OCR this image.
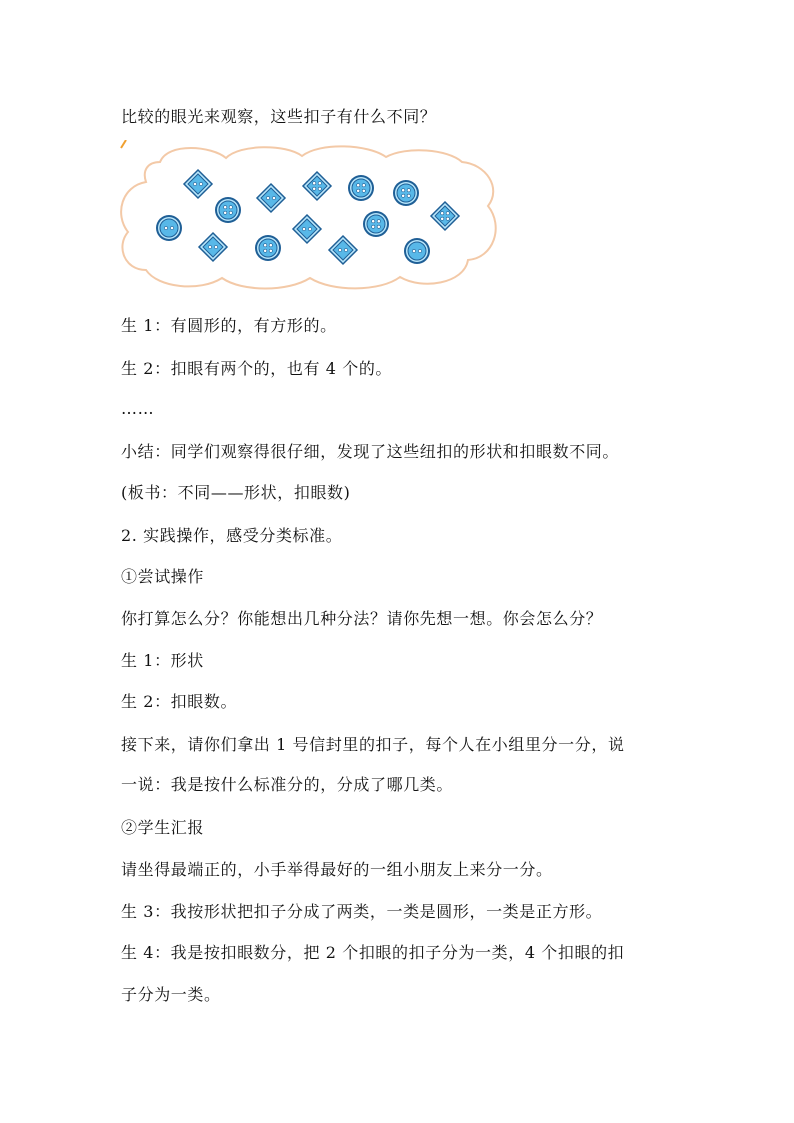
比较的眼光来观察，这些扣子有什么不同？
生 1：有圆形的，有方形的。
生 2：扣眼有两个的，也有 4 个的。
……
小结：同学们观察得很仔细，发现了这些纽扣的形状和扣眼数不同。
(板书：不同——形状，扣眼数)
2. 实践操作，感受分类标准。
①尝试操作
你打算怎么分？你能想出几种分法？请你先想一想。你会怎么分？
生 1：形状
生 2：扣眼数。
接下来，请你们拿出 1 号信封里的扣子，每个人在小组里分一分，说
一说：我是按什么标准分的，分成了哪几类。
②学生汇报
请坐得最端正的，小手举得最好的一组小朋友上来分一分。
生 3：我按形状把扣子分成了两类，一类是圆形，一类是正方形。
生 4：我是按扣眼数分，把 2 个扣眼的扣子分为一类，4 个扣眼的扣
子分为一类。
